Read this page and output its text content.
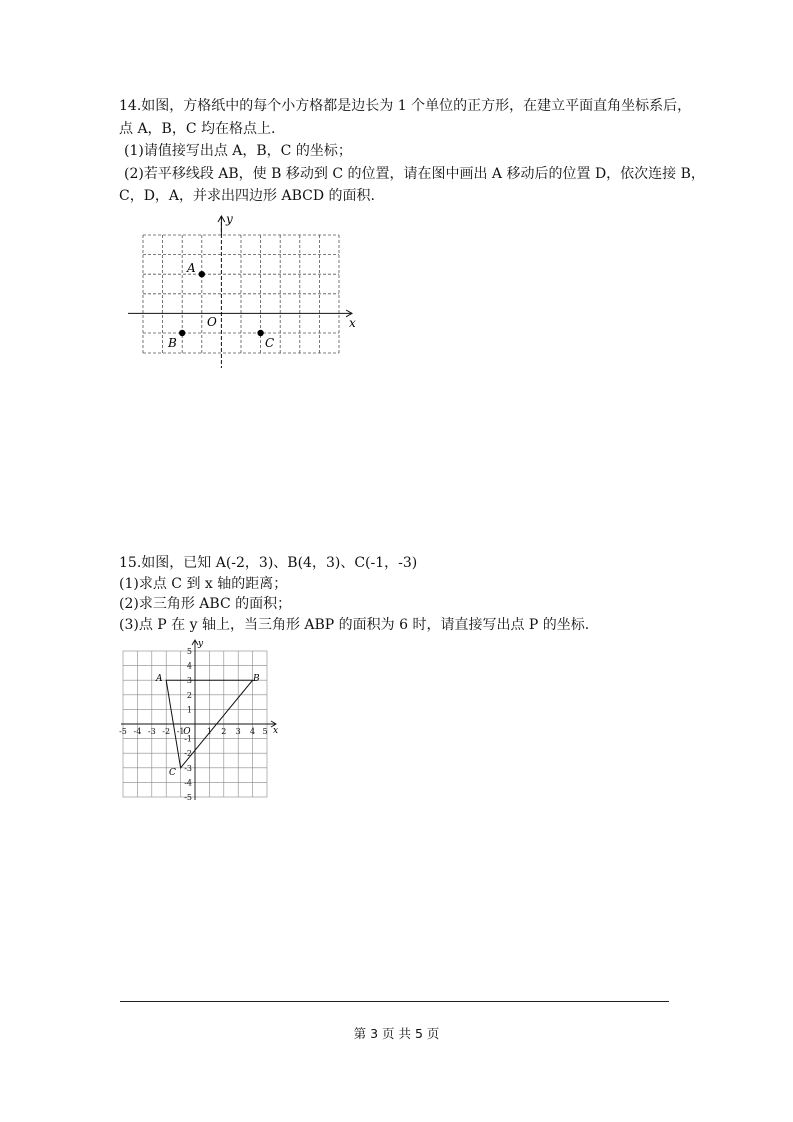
14.如图，方格纸中的每个小方格都是边长为 1 个单位的正方形，在建立平面直角坐标系后，

点 A，B，C 均在格点上.

(1)请值接写出点 A，B，C 的坐标；

(2)若平移线段 AB，使 B 移动到 C 的位置，请在图中画出 A 移动后的位置 D，依次连接 B，

C，D，A，并求出四边形 ABCD 的面积.

x
y
O
A
B	C

15.如图，已知 A(-2，3)、B(4，3)、C(-1，-3)

(1)求点 C 到 x 轴的距离；

(2)求三角形 ABC 的面积；

(3)点 P 在 y 轴上，当三角形 ABP 的面积为 6 时，请直接写出点 P 的坐标.

-5 -4 -3 -2 -1	1 2 3 4 5
5
4
3
2
1
-1
-2
-3
-4
-5
O	x
y
A	B
C
第 3 页 共 5 页
